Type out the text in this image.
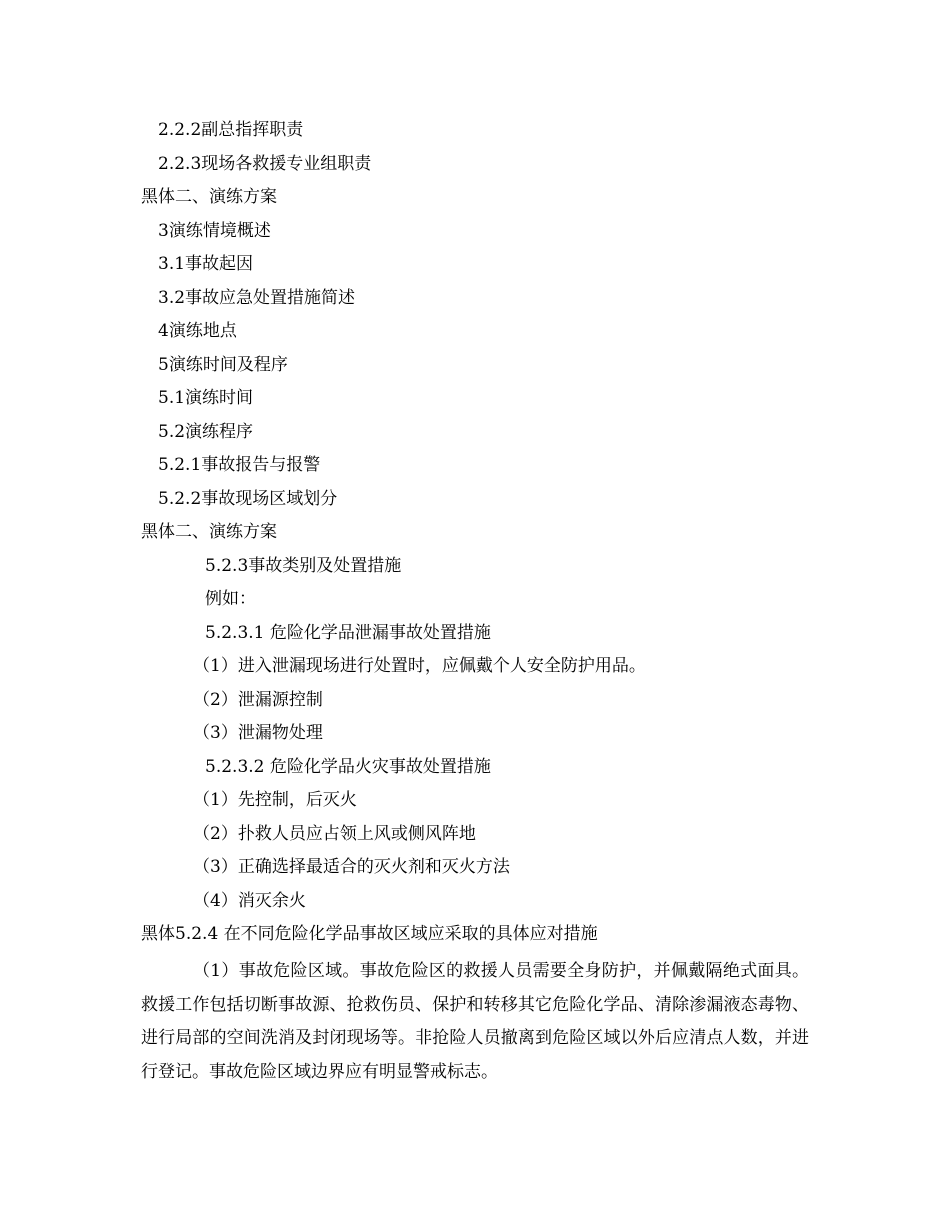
2.2.2副总指挥职责
2.2.3现场各救援专业组职责
黑体二、演练方案
3演练情境概述
3.1事故起因
3.2事故应急处置措施简述
4演练地点
5演练时间及程序
5.1演练时间
5.2演练程序
5.2.1事故报告与报警
5.2.2事故现场区域划分
黑体二、演练方案
5.2.3事故类别及处置措施
例如：
5.2.3.1 危险化学品泄漏事故处置措施
（1）进入泄漏现场进行处置时，应佩戴个人安全防护用品。
（2）泄漏源控制
（3）泄漏物处理
5.2.3.2 危险化学品火灾事故处置措施
（1）先控制，后灭火
（2）扑救人员应占领上风或侧风阵地
（3）正确选择最适合的灭火剂和灭火方法
（4）消灭余火
黑体5.2.4 在不同危险化学品事故区域应采取的具体应对措施
（1）事故危险区域。事故危险区的救援人员需要全身防护，并佩戴隔绝式面具。救援工作包括切断事故源、抢救伤员、保护和转移其它危险化学品、清除渗漏液态毒物、进行局部的空间洗消及封闭现场等。非抢险人员撤离到危险区域以外后应清点人数，并进行登记。事故危险区域边界应有明显警戒标志。
